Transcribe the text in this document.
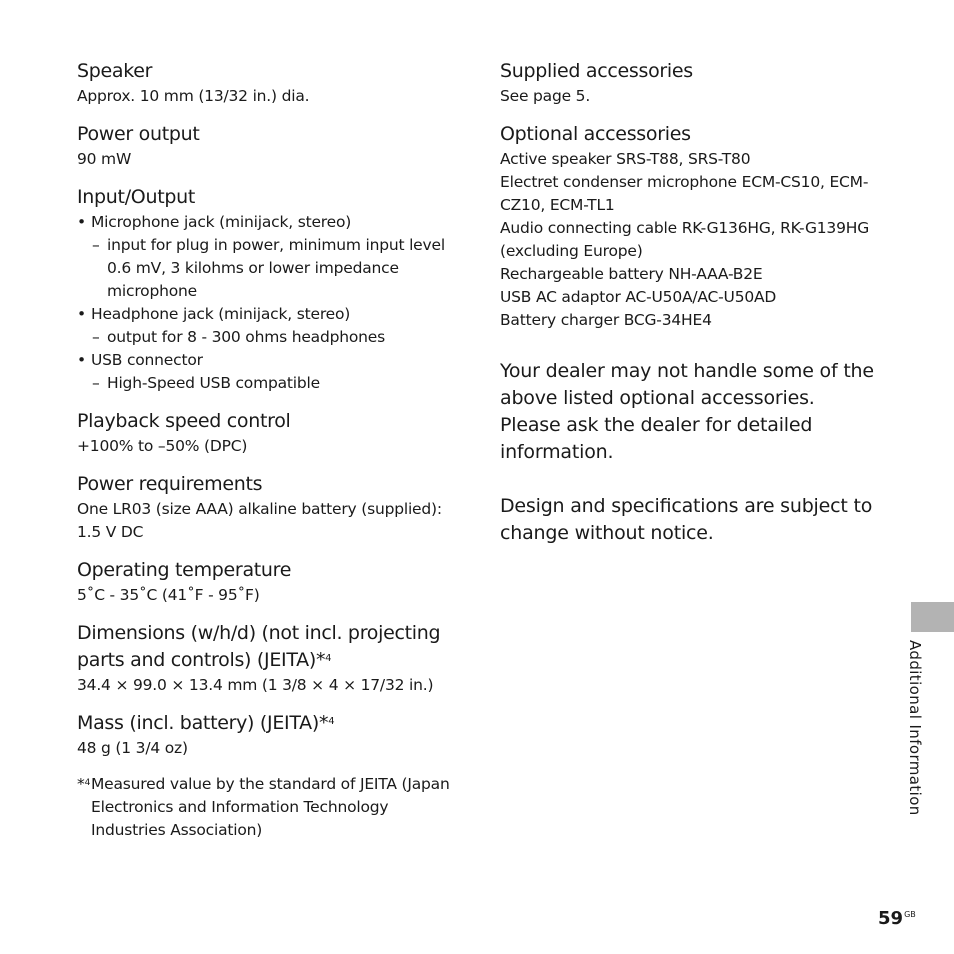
Speaker

Approx. 10 mm (13/32 in.) dia.

Power output

90 mW

Input/Output

• Microphone jack (minijack, stereo)

– input for plug in power, minimum input level 0.6 mV, 3 kilohms or lower impedance microphone

• Headphone jack (minijack, stereo)

– output for 8 - 300 ohms headphones

• USB connector

– High-Speed USB compatible

Playback speed control

+100% to –50% (DPC)

Power requirements

One LR03 (size AAA) alkaline battery (supplied): 1.5 V DC

Operating temperature

5˚C - 35˚C (41˚F - 95˚F)

Dimensions (w/h/d) (not incl. projecting parts and controls) (JEITA)*$^4$

34.4 × 99.0 × 13.4 mm (1 3/8 × 4 × 17/32 in.)

Mass (incl. battery) (JEITA)*$^4$

48 g (1 3/4 oz)

*$^4$ Measured value by the standard of JEITA (Japan Electronics and Information Technology Industries Association)

Supplied accessories

See page 5.

Optional accessories

Active speaker SRS-T88, SRS-T80

Electret condenser microphone ECM-CS10, ECM-CZ10, ECM-TL1

Audio connecting cable RK-G136HG, RK-G139HG (excluding Europe)

Rechargeable battery NH-AAA-B2E

USB AC adaptor AC-U50A/AC-U50AD

Battery charger BCG-34HE4

Your dealer may not handle some of the above listed optional accessories. Please ask the dealer for detailed information.

Design and speciﬁcations are subject to change without notice.

Additional Information
$59^{GB}$
